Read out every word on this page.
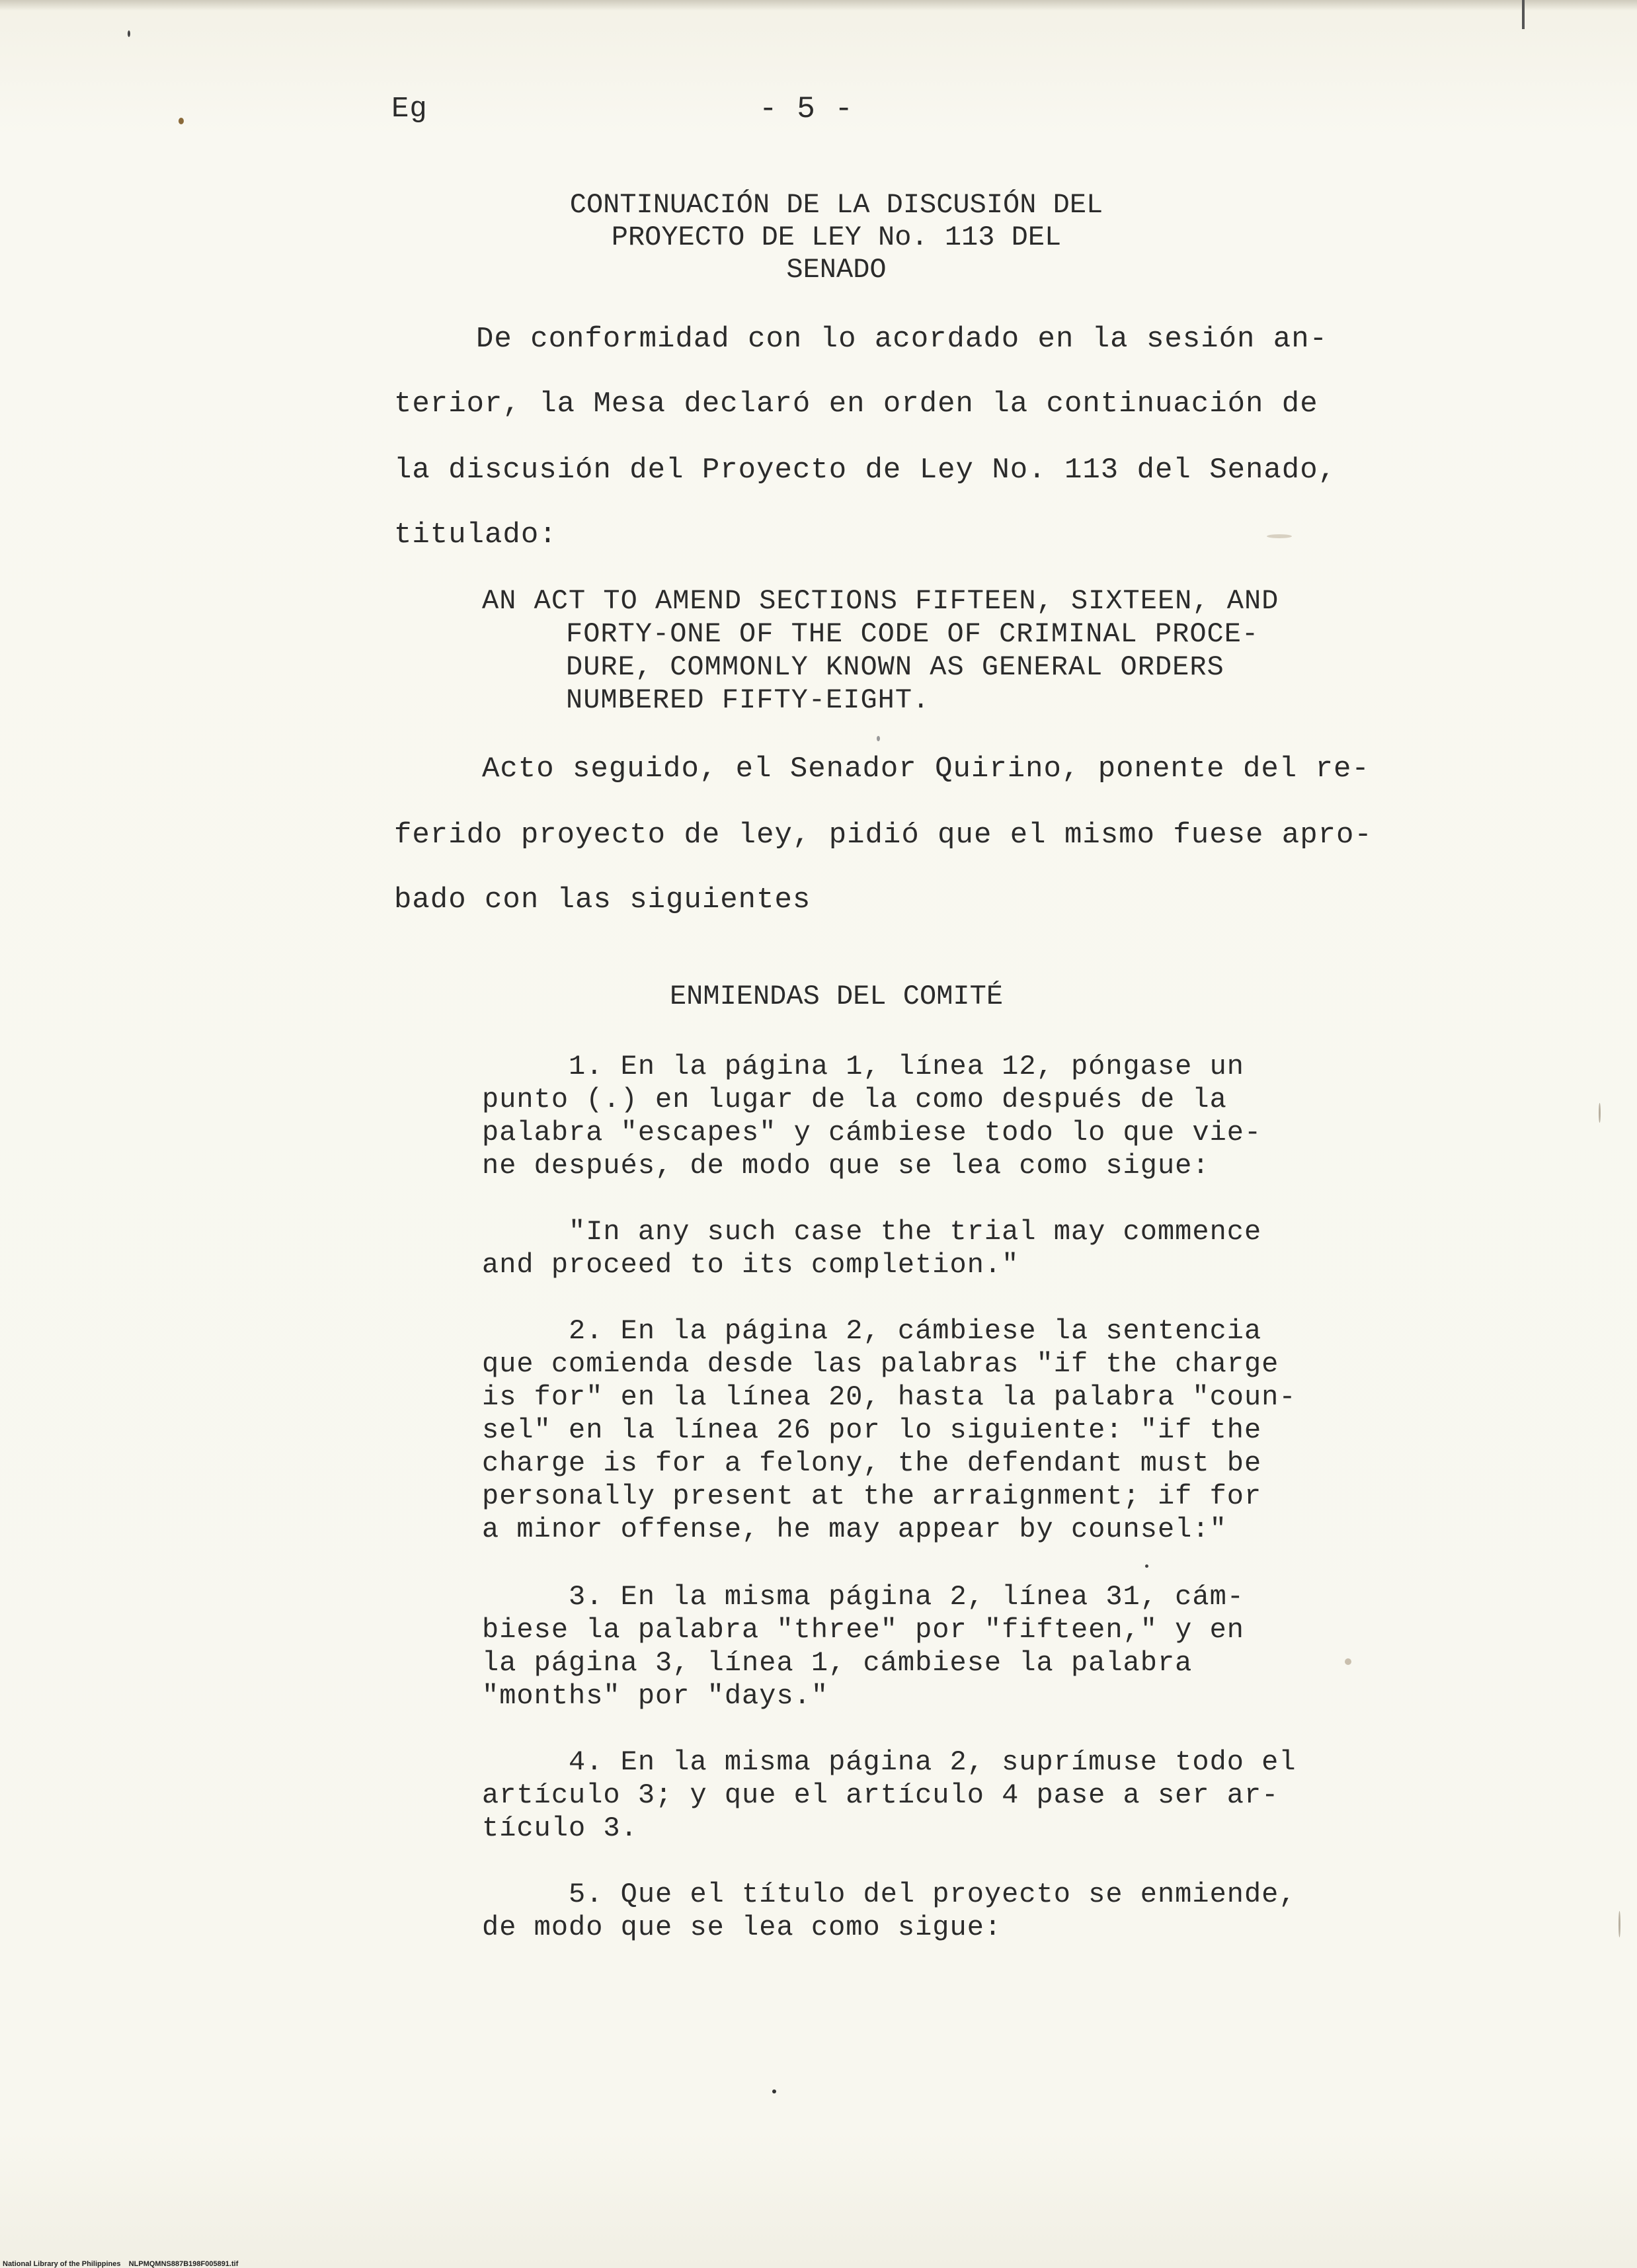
Eg	- 5 -
CONTINUACIÓN DE LA DISCUSIÓN DEL
PROYECTO DE LEY No. 113 DEL
SENADO
De conformidad con lo acordado en la sesión an-
terior, la Mesa declaró en orden la continuación de
la discusión del Proyecto de Ley No. 113 del Senado,
titulado:
AN ACT TO AMEND SECTIONS FIFTEEN, SIXTEEN, AND
FORTY-ONE OF THE CODE OF CRIMINAL PROCE-
DURE, COMMONLY KNOWN AS GENERAL ORDERS
NUMBERED FIFTY-EIGHT.
Acto seguido, el Senador Quirino, ponente del re-
ferido proyecto de ley, pidió que el mismo fuese apro-
bado con las siguientes
ENMIENDAS DEL COMITÉ
1. En la página 1, línea 12, póngase un
punto (.) en lugar de la como después de la
palabra "escapes" y cámbiese todo lo que vie-
ne después, de modo que se lea como sigue:
"In any such case the trial may commence
and proceed to its completion."
2. En la página 2, cámbiese la sentencia
que comienda desde las palabras "if the charge
is for" en la línea 20, hasta la palabra "coun-
sel" en la línea 26 por lo siguiente: "if the
charge is for a felony, the defendant must be
personally present at the arraignment; if for
a minor offense, he may appear by counsel:"
3. En la misma página 2, línea 31, cám-
biese la palabra "three" por "fifteen," y en
la página 3, línea 1, cámbiese la palabra
"months" por "days."
4. En la misma página 2, suprímuse todo el
artículo 3; y que el artículo 4 pase a ser ar-
tículo 3.
5. Que el título del proyecto se enmiende,
de modo que se lea como sigue:
National Library of the Philippines    NLPMQMNS887B198F005891.tif
